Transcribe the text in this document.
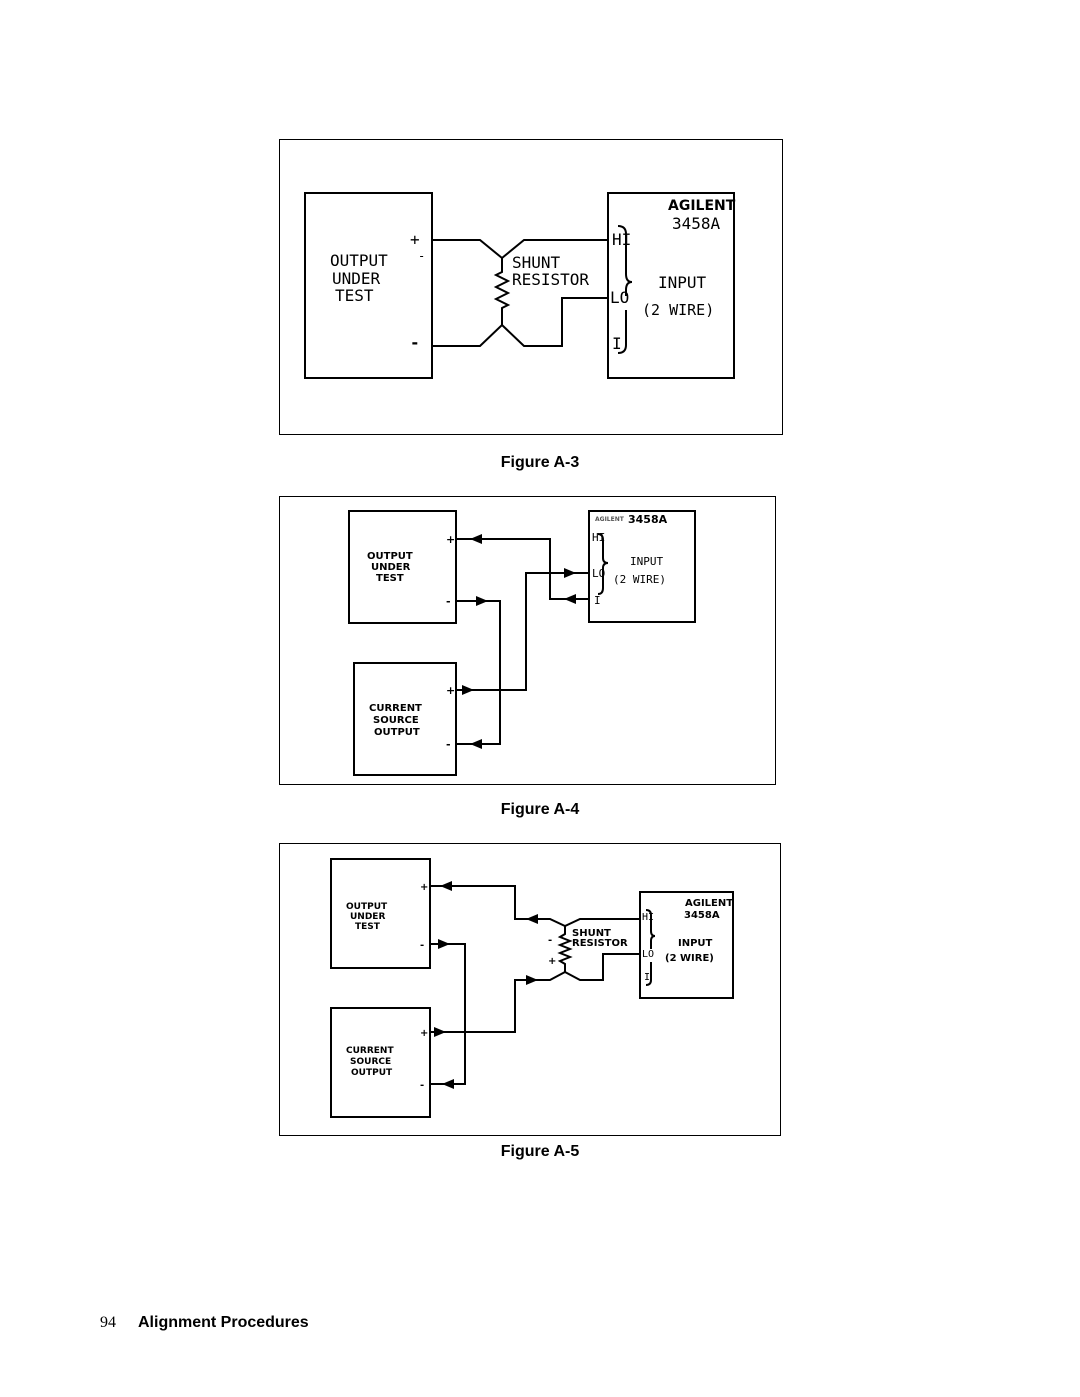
+
-
-
OUTPUT
UNDER
TEST
SHUNT
RESISTOR
AGILENT
3458A
HI
LO
I
INPUT
(2 WIRE)
Figure A-3
+
-
+
-
OUTPUT
UNDER
TEST
CURRENT
SOURCE
OUTPUT
AGILENT 3458A
HI
LO
I
INPUT
(2 WIRE)
Figure A-4
+
-
+
-
-
+
OUTPUT
UNDER
TEST
CURRENT
SOURCE
OUTPUT
SHUNT
RESISTOR
AGILENT
3458A
HI
LO
I
INPUT
(2 WIRE)
Figure A-5
94 Alignment Procedures
